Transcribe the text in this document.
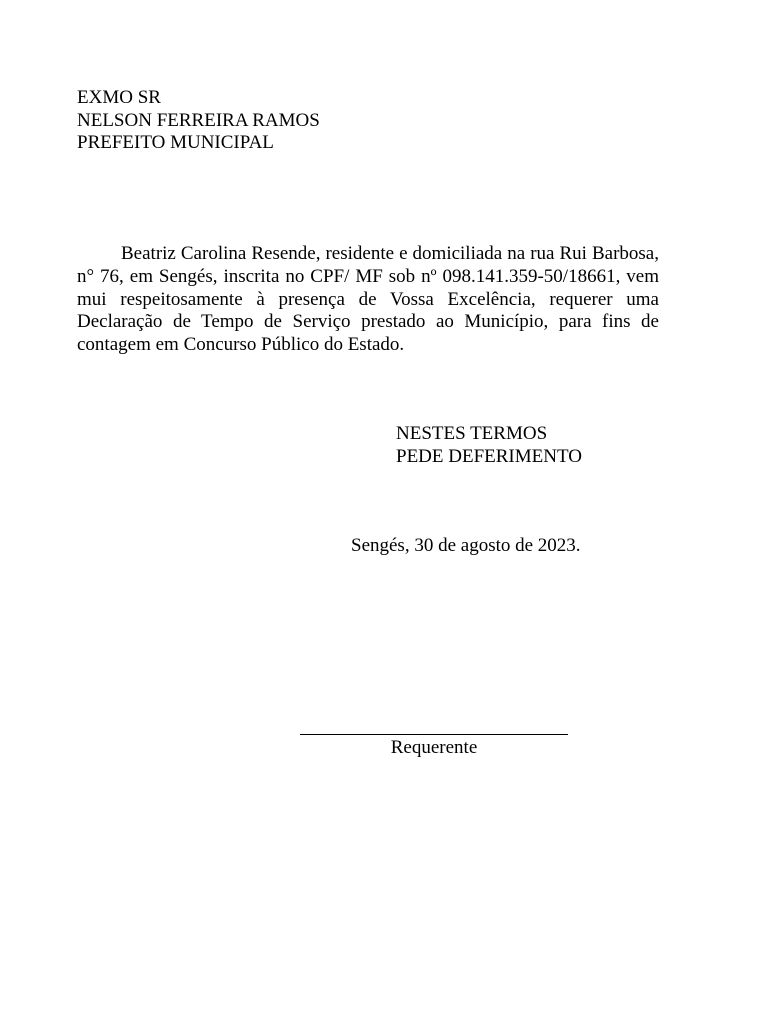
EXMO SR
NELSON FERREIRA RAMOS
PREFEITO MUNICIPAL

Beatriz Carolina Resende, residente e domiciliada na rua Rui Barbosa, n° 76, em Sengés, inscrita no CPF/ MF sob nº 098.141.359-50/18661, vem mui respeitosamente à presença de Vossa Excelência, requerer uma Declaração de Tempo de Serviço prestado ao Município, para fins de contagem em Concurso Público do Estado.

NESTES TERMOS
PEDE DEFERIMENTO
Sengés, 30 de agosto de 2023.
Requerente
